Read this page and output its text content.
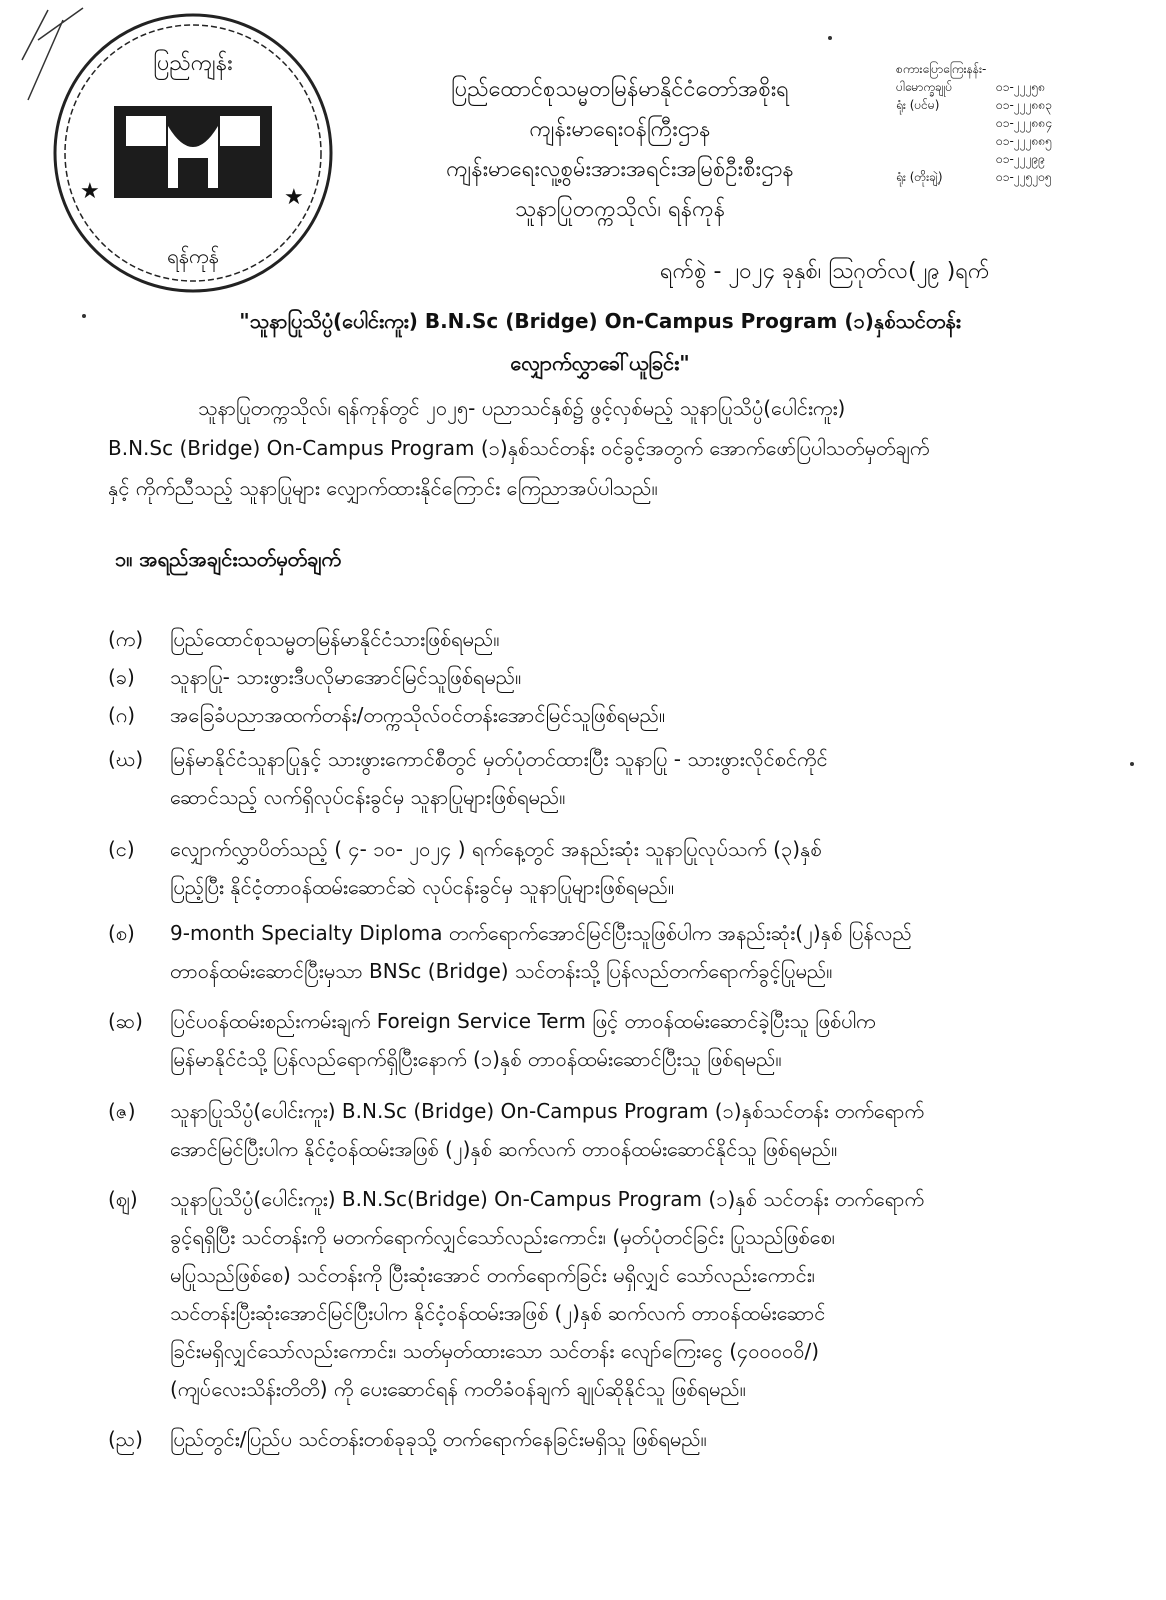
★	★
ပြည်ကျန်း
ရန်ကုန်
ပြည်ထောင်စုသမ္မတမြန်မာနိုင်ငံတော်အစိုးရ
ကျန်းမာရေးဝန်ကြီးဌာန
ကျန်းမာရေးလူ့စွမ်းအားအရင်းအမြစ်ဦးစီးဌာန
သူနာပြုတက္ကသိုလ်၊ ရန်ကုန်
စကားပြောကြေးနန်း-
ပါမောက္ခချုပ်	၀၁-၂၂၂၅၈
ရုံး (ပင်မ)	၀၁-၂၂၂၈၈၃
၀၁-၂၂၂၈၈၄
၀၁-၂၂၂၈၈၅
၀၁-၂၂၂၉၉
ရုံး (တိုးချဲ့)	၀၁-၂၂၅၂၀၅
ရက်စွဲ - ၂၀၂၄ ခုနှစ်၊ ဩဂုတ်လ(၂၉ )ရက်
"သူနာပြုသိပ္ပံ(ပေါင်းကူး) B.N.Sc (Bridge) On-Campus Program (၁)နှစ်သင်တန်း
လျှောက်လွှာခေါ်ယူခြင်း"
သူနာပြုတက္ကသိုလ်၊ ရန်ကုန်တွင် ၂၀၂၅- ပညာသင်နှစ်၌ ဖွင့်လှစ်မည့် သူနာပြုသိပ္ပံ(ပေါင်းကူး)
B.N.Sc (Bridge) On-Campus Program (၁)နှစ်သင်တန်း ဝင်ခွင့်အတွက် အောက်ဖော်ပြပါသတ်မှတ်ချက်
နှင့် ကိုက်ညီသည့် သူနာပြုများ လျှောက်ထားနိုင်ကြောင်း ကြေညာအပ်ပါသည်။
၁။ အရည်အချင်းသတ်မှတ်ချက်
(က)	ပြည်ထောင်စုသမ္မတမြန်မာနိုင်ငံသားဖြစ်ရမည်။
(ခ)	သူနာပြု- သားဖွားဒီပလိုမာအောင်မြင်သူဖြစ်ရမည်။
(ဂ)	အခြေခံပညာအထက်တန်း/တက္ကသိုလ်ဝင်တန်းအောင်မြင်သူဖြစ်ရမည်။
(ဃ)	မြန်မာနိုင်ငံသူနာပြုနှင့် သားဖွားကောင်စီတွင် မှတ်ပုံတင်ထားပြီး သူနာပြု - သားဖွားလိုင်စင်ကိုင်
ဆောင်သည့် လက်ရှိလုပ်ငန်းခွင်မှ သူနာပြုများဖြစ်ရမည်။
(င)	လျှောက်လွှာပိတ်သည့် ( ၄- ၁၀- ၂၀၂၄ ) ရက်နေ့တွင် အနည်းဆုံး သူနာပြုလုပ်သက် (၃)နှစ်
ပြည့်ပြီး နိုင်ငံ့တာဝန်ထမ်းဆောင်ဆဲ လုပ်ငန်းခွင်မှ သူနာပြုများဖြစ်ရမည်။
(စ)	9-month Specialty Diploma တက်ရောက်အောင်မြင်ပြီးသူဖြစ်ပါက အနည်းဆုံး(၂)နှစ် ပြန်လည်
တာဝန်ထမ်းဆောင်ပြီးမှသာ BNSc (Bridge) သင်တန်းသို့ ပြန်လည်တက်ရောက်ခွင့်ပြုမည်။
(ဆ)	ပြင်ပဝန်ထမ်းစည်းကမ်းချက် Foreign Service Term ဖြင့် တာဝန်ထမ်းဆောင်ခဲ့ပြီးသူ ဖြစ်ပါက
မြန်မာနိုင်ငံသို့ ပြန်လည်ရောက်ရှိပြီးနောက် (၁)နှစ် တာဝန်ထမ်းဆောင်ပြီးသူ ဖြစ်ရမည်။
(ဇ)	သူနာပြုသိပ္ပံ(ပေါင်းကူး) B.N.Sc (Bridge) On-Campus Program (၁)နှစ်သင်တန်း တက်ရောက်
အောင်မြင်ပြီးပါက နိုင်ငံ့ဝန်ထမ်းအဖြစ် (၂)နှစ် ဆက်လက် တာဝန်ထမ်းဆောင်နိုင်သူ ဖြစ်ရမည်။
(ဈ)	သူနာပြုသိပ္ပံ(ပေါင်းကူး) B.N.Sc(Bridge) On-Campus Program (၁)နှစ် သင်တန်း တက်ရောက်
ခွင့်ရရှိပြီး သင်တန်းကို မတက်ရောက်လျှင်သော်လည်းကောင်း၊ (မှတ်ပုံတင်ခြင်း ပြုသည်ဖြစ်စေ၊
မပြုသည်ဖြစ်စေ) သင်တန်းကို ပြီးဆုံးအောင် တက်ရောက်ခြင်း မရှိလျှင် သော်လည်းကောင်း၊
သင်တန်းပြီးဆုံးအောင်မြင်ပြီးပါက နိုင်ငံ့ဝန်ထမ်းအဖြစ် (၂)နှစ် ဆက်လက် တာဝန်ထမ်းဆောင်
ခြင်းမရှိလျှင်သော်လည်းကောင်း၊ သတ်မှတ်ထားသော သင်တန်း လျော်ကြေးငွေ (၄၀၀၀၀၀ိ/)
(ကျပ်လေးသိန်းတိတိ) ကို ပေးဆောင်ရန် ကတိခံဝန်ချက် ချုပ်ဆိုနိုင်သူ ဖြစ်ရမည်။
(ည)	ပြည်တွင်း/ပြည်ပ သင်တန်းတစ်ခုခုသို့ တက်ရောက်နေခြင်းမရှိသူ ဖြစ်ရမည်။
